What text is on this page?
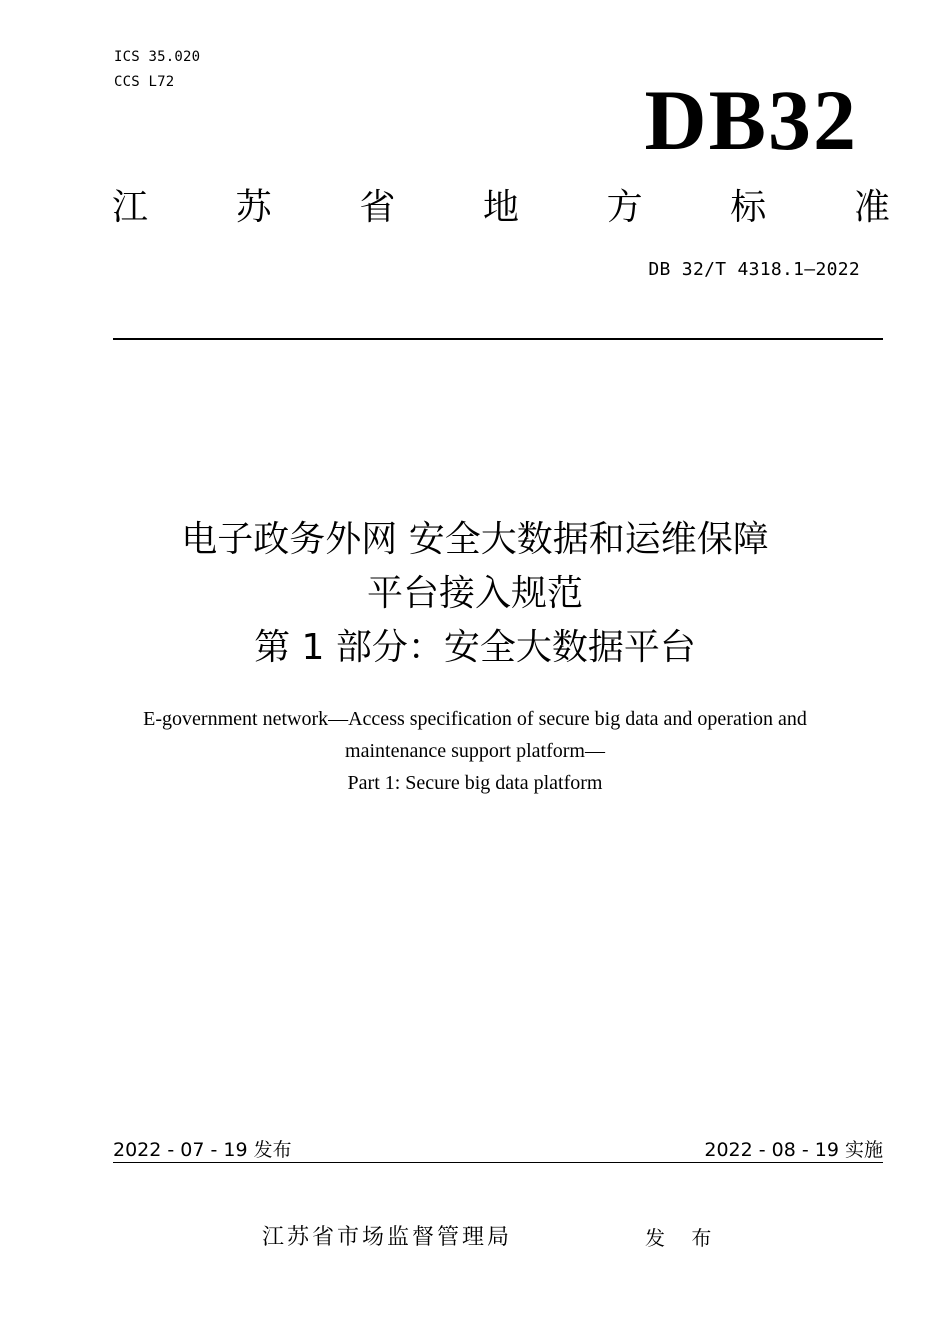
ICS 35.020
CCS L72	DB32
江 苏 省 地 方 标 准
DB 32/T 4318.1—2022
电子政务外网 安全大数据和运维保障
平台接入规范
第 1 部分：安全大数据平台
E-government network—Access specification of secure big data and operation and
maintenance support platform—
Part 1: Secure big data platform
2022 - 07 - 19 发布	2022 - 08 - 19 实施
江苏省市场监督管理局	发 布
